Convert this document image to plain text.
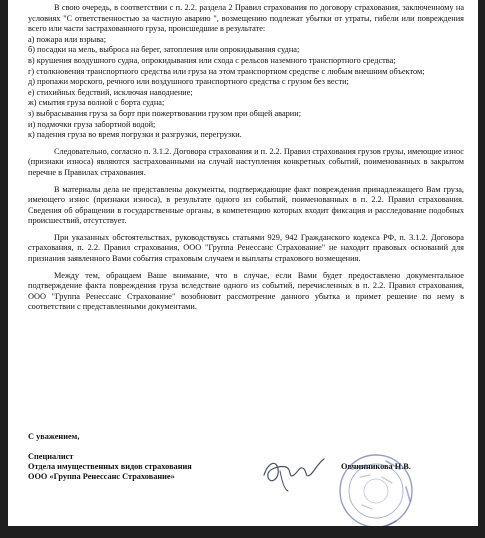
В свою очередь, в соответствии с п. 2.2. раздела 2 Правил страхования по договору страхования, заключенному на условиях "С ответственностью за частную аварию ", возмещению подлежат убытки от утраты, гибели или повреждения всего или части застрахованного груза, происшедшие в результате:

а) пожара или взрыва;

б) посадки на мель, выброса на берег, затопления или опрокидывания судна;

в) крушения воздушного судна, опрокидывания или схода с рельсов наземного транспортного средства;

г) столкновения транспортного средства или груза на этом транспортном средстве с любым внешним объектом;

д) пропажи морского, речного или воздушного транспортного средства с грузом без вести;

е) стихийных бедствий, исключая наводнение;

ж) смытия груза волной с борта судна;

з) выбрасывания груза за борт при пожертвовании грузом при общей аварии;

и) подмочки груза забортной водой;

к) падения груза во время погрузки и разгрузки, перегрузки.

Следовательно, согласно п. 3.1.2. Договора страхования и п. 2.2. Правил страхования грузов грузы, имеющие износ (признаки износа) являются застрахованными на случай наступления конкретных событий, поименованных в закрытом перечне в Правилах страхования.

В материалы дела не представлены документы, подтверждающие факт повреждения принадлежащего Вам груза, имеющего износ (признаки износа), в результате одного из событий, поименованных в п. 2.2. Правил страхования. Сведения об обращении в государственные органы, в компетенцию которых входит фиксация и расследование подобных происшествий, отсутствует.

При указанных обстоятельствах, руководствуясь статьями 929, 942 Гражданского кодекса РФ, п. 3.1.2. Договора страхования, п. 2.2. Правил страхования, ООО "Группа Ренессанс Страхование" не находит правовых оснований для признания заявленного Вами события страховым случаем и выплаты страхового возмещения.

Между тем, обращаем Ваше внимание, что в случае, если Вами будет предоставлено документальное подтверждение факта повреждения груза вследствие одного из событий, перечисленных в п. 2.2. Правил страхования, ООО "Группа Ренессанс Страхование" возобновит рассмотрение данного убытка и примет решение по нему в соответствии с представленными документами.

С уважением,
Специалист
Отдела имущественных видов страхования	Овчинникова Н.В.
ООО «Группа Ренессанс Страхование»
